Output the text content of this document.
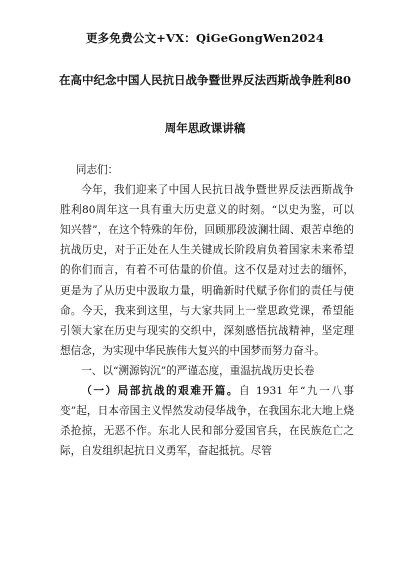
更多免费公文+VX：QiGeGongWen2024
在高中纪念中国人民抗日战争暨世界反法西斯战争胜利80
周年思政课讲稿

同志们：

今年，我们迎来了中国人民抗日战争暨世界反法西斯战争胜利80周年这一具有重大历史意义的时刻。“以史为鉴，可以知兴替”，在这个特殊的年份，回顾那段波澜壮阔、艰苦卓绝的抗战历史，对于正处在人生关键成长阶段肩负着国家未来希望的你们而言，有着不可估量的价值。这不仅是对过去的缅怀，更是为了从历史中汲取力量，明确新时代赋予你们的责任与使命。今天，我来到这里，与大家共同上一堂思政党课，希望能引领大家在历史与现实的交织中，深刻感悟抗战精神，坚定理想信念，为实现中华民族伟大复兴的中国梦而努力奋斗。

一、以“溯源钩沉”的严谨态度，重温抗战历史长卷

（一）局部抗战的艰难开篇。自 1931 年“九一八事变”起，日本帝国主义悍然发动侵华战争，在我国东北大地上烧杀抢掠，无恶不作。东北人民和部分爱国官兵，在民族危亡之际，自发组织起抗日义勇军，奋起抵抗。尽管
